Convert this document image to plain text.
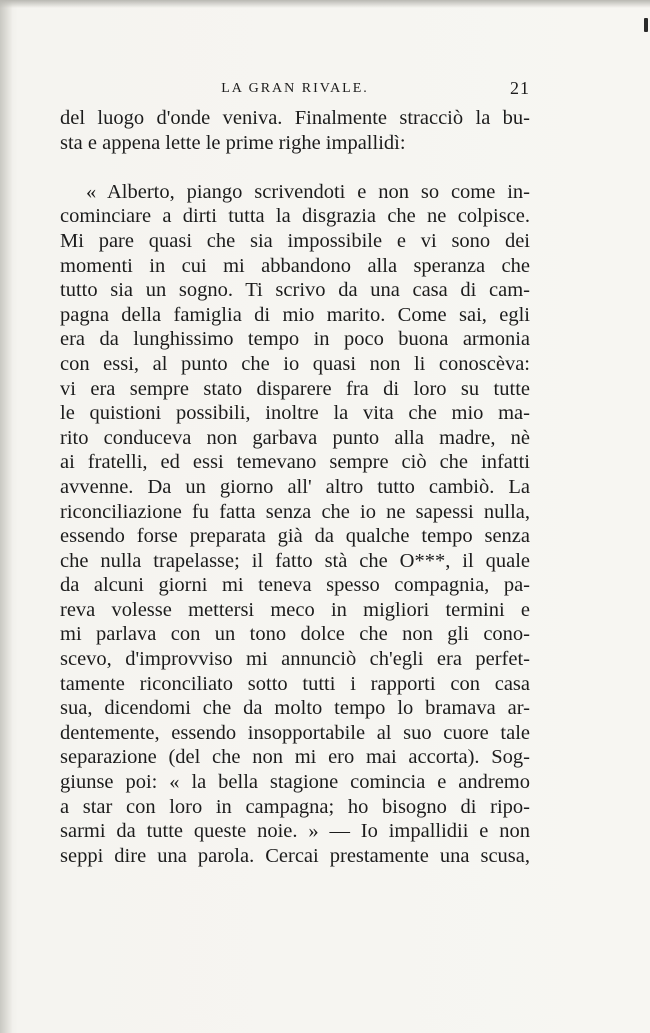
LA GRAN RIVALE.	21
del luogo d'onde veniva. Finalmente stracciò la bu-
sta e appena lette le prime righe impallidì:
« Alberto, piango scrivendoti e non so come in-
cominciare a dirti tutta la disgrazia che ne colpisce.
Mi pare quasi che sia impossibile e vi sono dei
momenti in cui mi abbandono alla speranza che
tutto sia un sogno. Ti scrivo da una casa di cam-
pagna della famiglia di mio marito. Come sai, egli
era da lunghissimo tempo in poco buona armonia
con essi, al punto che io quasi non li conoscèva:
vi era sempre stato disparere fra di loro su tutte
le quistioni possibili, inoltre la vita che mio ma-
rito conduceva non garbava punto alla madre, nè
ai fratelli, ed essi temevano sempre ciò che infatti
avvenne. Da un giorno all' altro tutto cambiò. La
riconciliazione fu fatta senza che io ne sapessi nulla,
essendo forse preparata già da qualche tempo senza
che nulla trapelasse; il fatto stà che O***, il quale
da alcuni giorni mi teneva spesso compagnia, pa-
reva volesse mettersi meco in migliori termini e
mi parlava con un tono dolce che non gli cono-
scevo, d'improvviso mi annunciò ch'egli era perfet-
tamente riconciliato sotto tutti i rapporti con casa
sua, dicendomi che da molto tempo lo bramava ar-
dentemente, essendo insopportabile al suo cuore tale
separazione (del che non mi ero mai accorta). Sog-
giunse poi: « la bella stagione comincia e andremo
a star con loro in campagna; ho bisogno di ripo-
sarmi da tutte queste noie. » — Io impallidii e non
seppi dire una parola. Cercai prestamente una scusa,
